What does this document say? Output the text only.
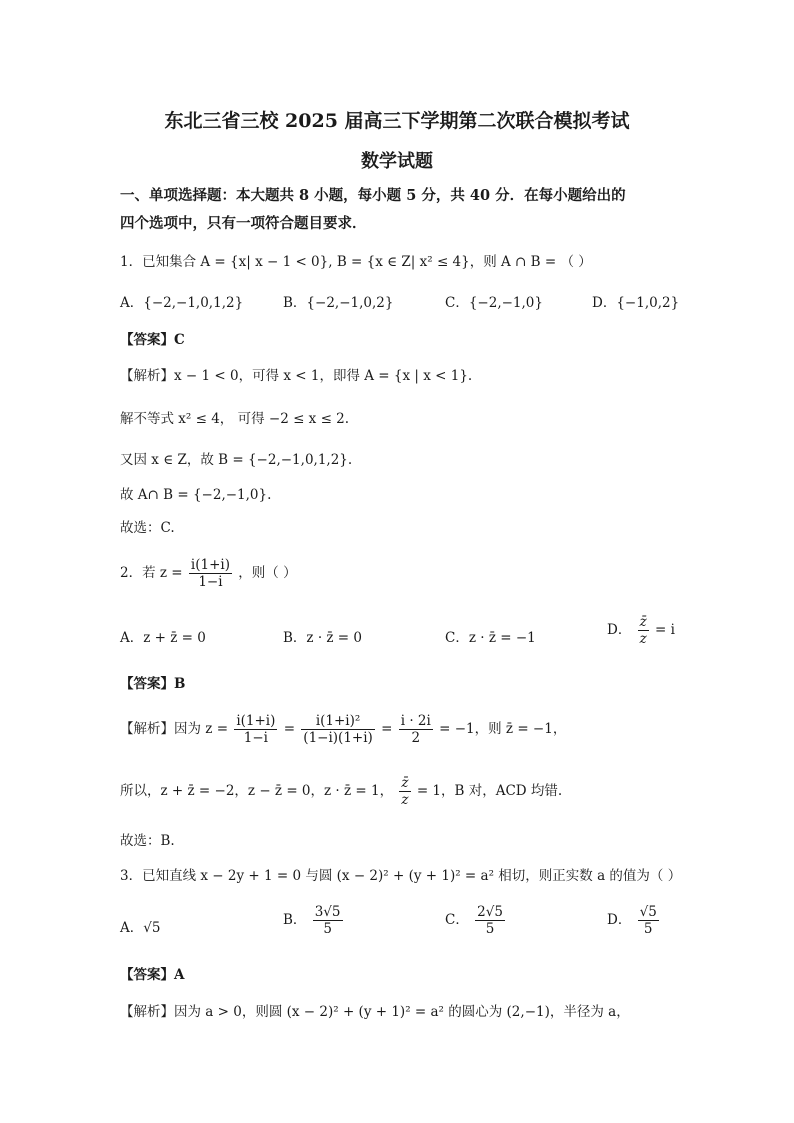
东北三省三校 2025 届高三下学期第二次联合模拟考试
数学试题
一、单项选择题：本大题共 8 小题，每小题 5 分，共 40 分．在每小题给出的
四个选项中，只有一项符合题目要求．
1．已知集合 A = {x| x − 1 < 0}, B = {x ∈ Z| x² ≤ 4}，则 A ∩ B = （ ）
A．{−2,−1,0,1,2}	B．{−2,−1,0,2}	C．{−2,−1,0}	D．{−1,0,2}
【答案】C
【解析】x − 1 < 0，可得 x < 1，即得 A = {x | x < 1}.
解不等式 x² ≤ 4， 可得 −2 ≤ x ≤ 2.
又因 x ∈ Z，故 B = {−2,−1,0,1,2}.
故 A∩ B = {−2,−1,0}.
故选：C.
2．若 $z = \frac{i(1+i)}{1-i}$ ，则（ ）
A．z + z̄ = 0	B．z · z̄ = 0	C．z · z̄ = −1	D． $\frac{z̄}{z} = i$
【答案】B
【解析】因为 $z = \frac{i(1+i)}{1-i} = \frac{\text{i(1+i)²}}{(1-i)(1+i)} = \frac{i \cdot 2i}{2} = -1$，则 z̄ = −1，
所以，z + z̄ = −2，z − z̄ = 0，z · z̄ = 1， $\frac{z̄}{z} = 1$，B 对，ACD 均错.
故选：B.
3．已知直线 x − 2y + 1 = 0 与圆 (x − 2)² + (y + 1)² = a² 相切，则正实数 a 的值为（ ）
A．√5	B． $\frac{3√5}{5}$	C． $\frac{2√5}{5}$	D． $\frac{√5}{5}$
【答案】A
【解析】因为 a > 0，则圆 (x − 2)² + (y + 1)² = a² 的圆心为 (2,−1)，半径为 a，
